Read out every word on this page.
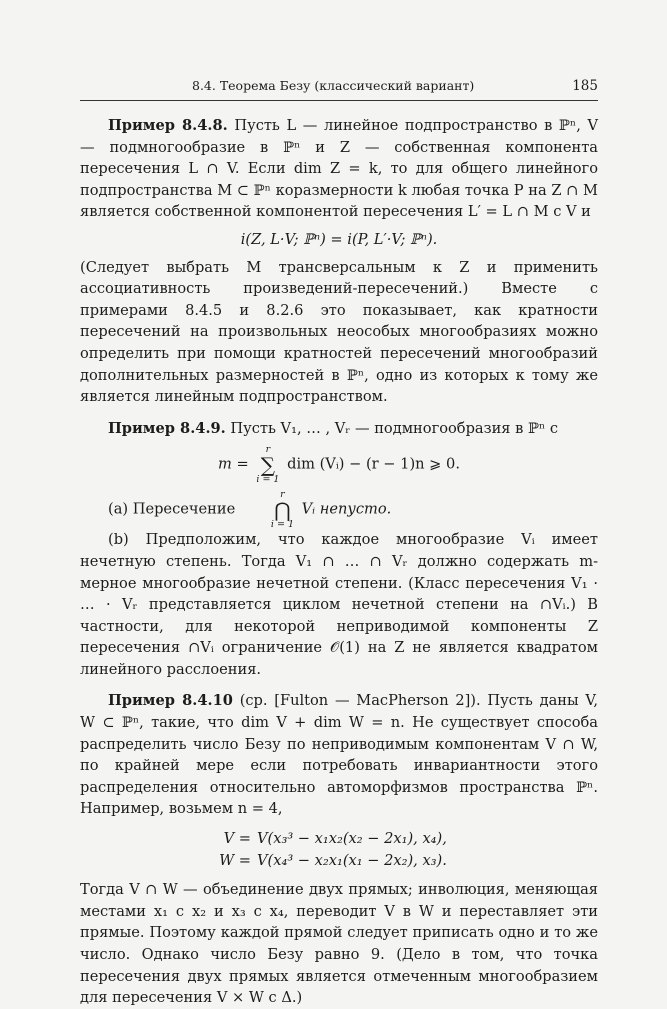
8.4. Теорема Безу (классический вариант)	185

Пример 8.4.8. Пусть L — линейное подпространство в ℙⁿ, V — подмногообразие в ℙⁿ и Z — собственная компонента пересечения L ∩ V. Если dim Z = k, то для общего линейного подпространства M ⊂ ℙⁿ коразмерности k любая точка P на Z ∩ M является собственной компонентой пересечения L′ = L ∩ M с V и

i(Z, L·V; ℙⁿ) = i(P, L′·V; ℙⁿ).

(Следует выбрать M трансверсальным к Z и применить ассоциативность произведений-пересечений.) Вместе с примерами 8.4.5 и 8.2.6 это показывает, как кратности пересечений на произвольных неособых многообразиях можно определить при помощи кратностей пересечений многообразий дополнительных размерностей в ℙⁿ, одно из которых к тому же является линейным подпространством.

Пример 8.4.9. Пусть V₁, … , Vᵣ — подмногообразия в ℙⁿ с

m =
r
∑
i = 1
dim (Vᵢ) − (r − 1)n ⩾ 0.

(a) Пересечение
r
⋂
i = 1
Vᵢ непусто.

(b) Предположим, что каждое многообразие Vᵢ имеет нечетную степень. Тогда V₁ ∩ … ∩ Vᵣ должно содержать m-мерное многообразие нечетной степени. (Класс пересечения V₁ · … · Vᵣ представляется циклом нечетной степени на ∩Vᵢ.) В частности, для некоторой неприводимой компоненты Z пересечения ∩Vᵢ ограничение 𝒪(1) на Z не является квадратом линейного расслоения.

Пример 8.4.10 (ср. [Fulton — MacPherson 2]). Пусть даны V, W ⊂ ℙⁿ, такие, что dim V + dim W = n. Не существует способа распределить число Безу по неприводимым компонентам V ∩ W, по крайней мере если потребовать инвариантности этого распределения относительно автоморфизмов пространства ℙⁿ. Например, возьмем n = 4,

V = V(x₃³ − x₁x₂(x₂ − 2x₁), x₄),
W = V(x₄³ − x₂x₁(x₁ − 2x₂), x₃).

Тогда V ∩ W — объединение двух прямых; инволюция, меняющая местами x₁ с x₂ и x₃ с x₄, переводит V в W и переставляет эти прямые. Поэтому каждой прямой следует приписать одно и то же число. Однако число Безу равно 9. (Дело в том, что точка пересечения двух прямых является отмеченным многообразием для пересечения V × W с Δ.)
